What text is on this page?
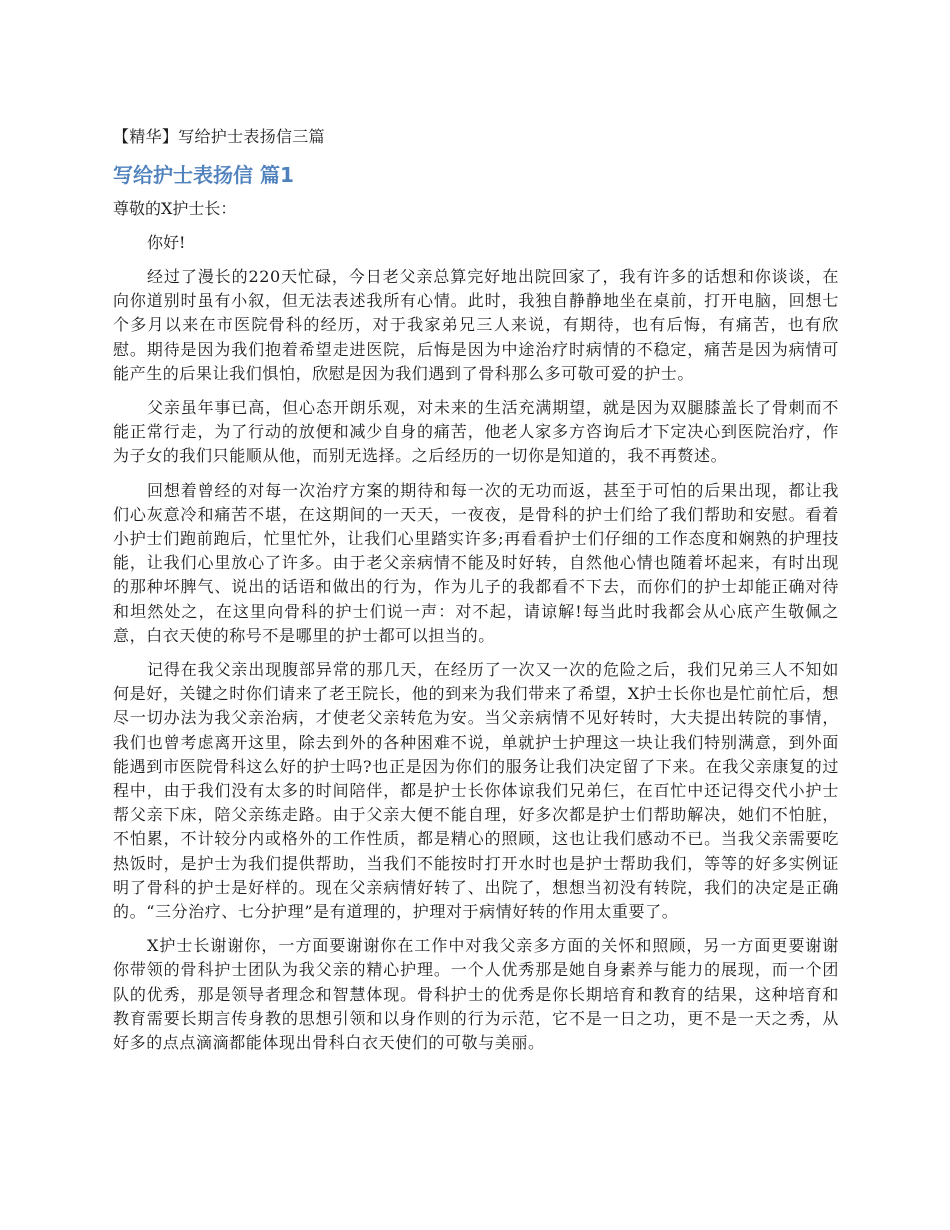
【精华】写给护士表扬信三篇
写给护士表扬信 篇1
尊敬的X护士长：
你好!

经过了漫长的220天忙碌，今日老父亲总算完好地出院回家了，我有许多的话想和你谈谈，在向你道别时虽有小叙，但无法表述我所有心情。此时，我独自静静地坐在桌前，打开电脑，回想七个多月以来在市医院骨科的经历，对于我家弟兄三人来说，有期待，也有后悔，有痛苦，也有欣慰。期待是因为我们抱着希望走进医院，后悔是因为中途治疗时病情的不稳定，痛苦是因为病情可能产生的后果让我们惧怕，欣慰是因为我们遇到了骨科那么多可敬可爱的护士。

父亲虽年事已高，但心态开朗乐观，对未来的生活充满期望，就是因为双腿膝盖长了骨刺而不能正常行走，为了行动的放便和减少自身的痛苦，他老人家多方咨询后才下定决心到医院治疗，作为子女的我们只能顺从他，而别无选择。之后经历的一切你是知道的，我不再赘述。

回想着曾经的对每一次治疗方案的期待和每一次的无功而返，甚至于可怕的后果出现，都让我们心灰意冷和痛苦不堪，在这期间的一天天，一夜夜，是骨科的护士们给了我们帮助和安慰。看着小护士们跑前跑后，忙里忙外，让我们心里踏实许多;再看看护士们仔细的工作态度和娴熟的护理技能，让我们心里放心了许多。由于老父亲病情不能及时好转，自然他心情也随着坏起来，有时出现的那种坏脾气、说出的话语和做出的行为，作为儿子的我都看不下去，而你们的护士却能正确对待和坦然处之，在这里向骨科的护士们说一声：对不起，请谅解!每当此时我都会从心底产生敬佩之意，白衣天使的称号不是哪里的护士都可以担当的。

记得在我父亲出现腹部异常的那几天，在经历了一次又一次的危险之后，我们兄弟三人不知如何是好，关键之时你们请来了老王院长，他的到来为我们带来了希望，X护士长你也是忙前忙后，想尽一切办法为我父亲治病，才使老父亲转危为安。当父亲病情不见好转时，大夫提出转院的事情，我们也曾考虑离开这里，除去到外的各种困难不说，单就护士护理这一块让我们特别满意，到外面能遇到市医院骨科这么好的护士吗?也正是因为你们的服务让我们决定留了下来。在我父亲康复的过程中，由于我们没有太多的时间陪伴，都是护士长你体谅我们兄弟仨，在百忙中还记得交代小护士帮父亲下床，陪父亲练走路。由于父亲大便不能自理，好多次都是护士们帮助解决，她们不怕脏，不怕累，不计较分内或格外的工作性质，都是精心的照顾，这也让我们感动不已。当我父亲需要吃热饭时，是护士为我们提供帮助，当我们不能按时打开水时也是护士帮助我们，等等的好多实例证明了骨科的护士是好样的。现在父亲病情好转了、出院了，想想当初没有转院，我们的决定是正确的。“三分治疗、七分护理”是有道理的，护理对于病情好转的作用太重要了。

X护士长谢谢你，一方面要谢谢你在工作中对我父亲多方面的关怀和照顾，另一方面更要谢谢你带领的骨科护士团队为我父亲的精心护理。一个人优秀那是她自身素养与能力的展现，而一个团队的优秀，那是领导者理念和智慧体现。骨科护士的优秀是你长期培育和教育的结果，这种培育和教育需要长期言传身教的思想引领和以身作则的行为示范，它不是一日之功，更不是一天之秀，从好多的点点滴滴都能体现出骨科白衣天使们的可敬与美丽。
